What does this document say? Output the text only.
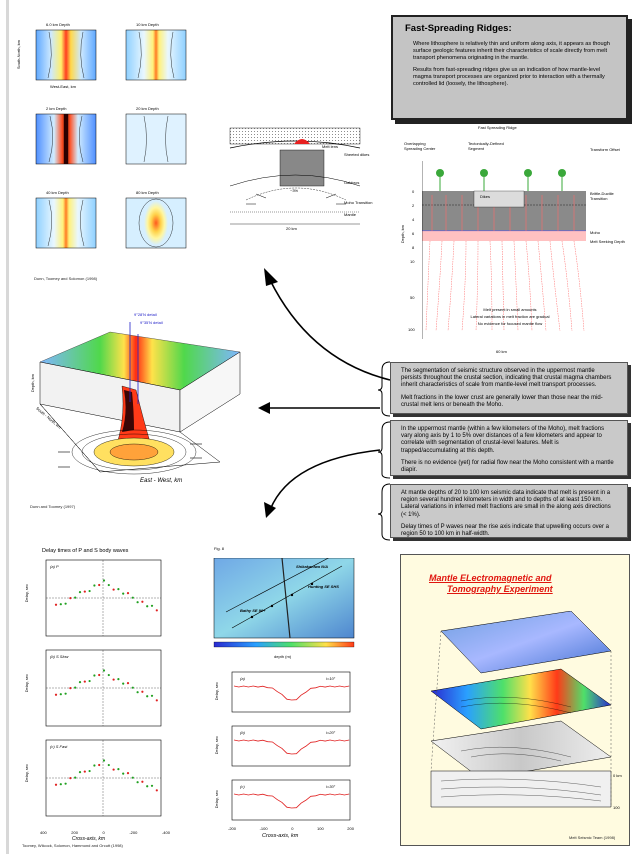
6.0 km Depth	10 km Depth
2 km Depth	20 km Depth
40 km Depth	80 km Depth
South-North, km
West-East, km
Dunn, Toomey and Solomon (1998)
Fast-Spreading Ridges:

Where lithosphere is relatively thin and uniform along axis, it appears as though surface geologic features inherit their characteristics of scale directly from melt transport phenomena originating in the mantle.

Results from fast-spreading ridges give us an indication of how mantle-level magma transport processes are organized prior to interaction with a thermally controlled lid (loosely, the lithosphere).

Melt lens
Sheeted dikes
Gabbros
Moho Transition
Mantle
~3%
20 km
Fast Spreading Ridge
Overlapping Spreading Center
Tectonically-Defined Segment	Transform Offset
Dikes
Brittle-Ductile Transition
Moho
Melt Seeking Depth
Depth, km
0
2
4
6
8
10
50
100
Melt present in small amounts
Lateral variations in melt fraction are gradual
No evidence for focused mantle flow
60 km
9°28'N detail
9°35'N detail
Depth, km
South - North, km
East - West, km
Dunn and Toomey (1997)

The segmentation of seismic structure observed in the uppermost mantle persists throughout the crustal section, indicating that crustal magma chambers inherit characteristics of scale from mantle-level melt transport processes.

Melt fractions in the lower crust are generally lower than those near the mid-crustal melt lens or beneath the Moho.

In the uppermost mantle (within a few kilometers of the Moho), melt fractions vary along axis by 1 to 5% over distances of a few kilometers and appear to correlate with segmentation of crustal-level features. Melt is trapped/accumulating at this depth.

There is no evidence (yet) for radial flow near the Moho consistent with a mantle diapir.

At mantle depths of 20 to 100 km seismic data indicate that melt is present in a region several hundred kilometers in width and to depths of at least 150 km. Lateral variations in inferred melt fractions are small in the along axis directions (< 1%).

Delay times of P waves near the rise axis indicate that upwelling occurs over a region 50 to 100 km in half-width.

Delay times of P and S body waves
(a) P
(b) S Slow
(c) S Fast
Delay, sec
Delay, sec
Delay, sec
400	200	0	-200	-400
Cross-axis, km
Toomey, Wilcock, Solomon, Hammond and Orcutt (1998)
Fig. 8
Shikakaniwa N/A
Hunting SE SHS
Bathy SE 90+
depth (m)
(a)
(b)
(c)
i=10°
i=20°
i=30°
Delay, sec
Delay, sec
Delay, sec
-200	-100	0	100	200
Cross-axis, km
Mantle ELectromagnetic and
Tomography Experiment
0 km
100
Melt Seismic Team (1998)
